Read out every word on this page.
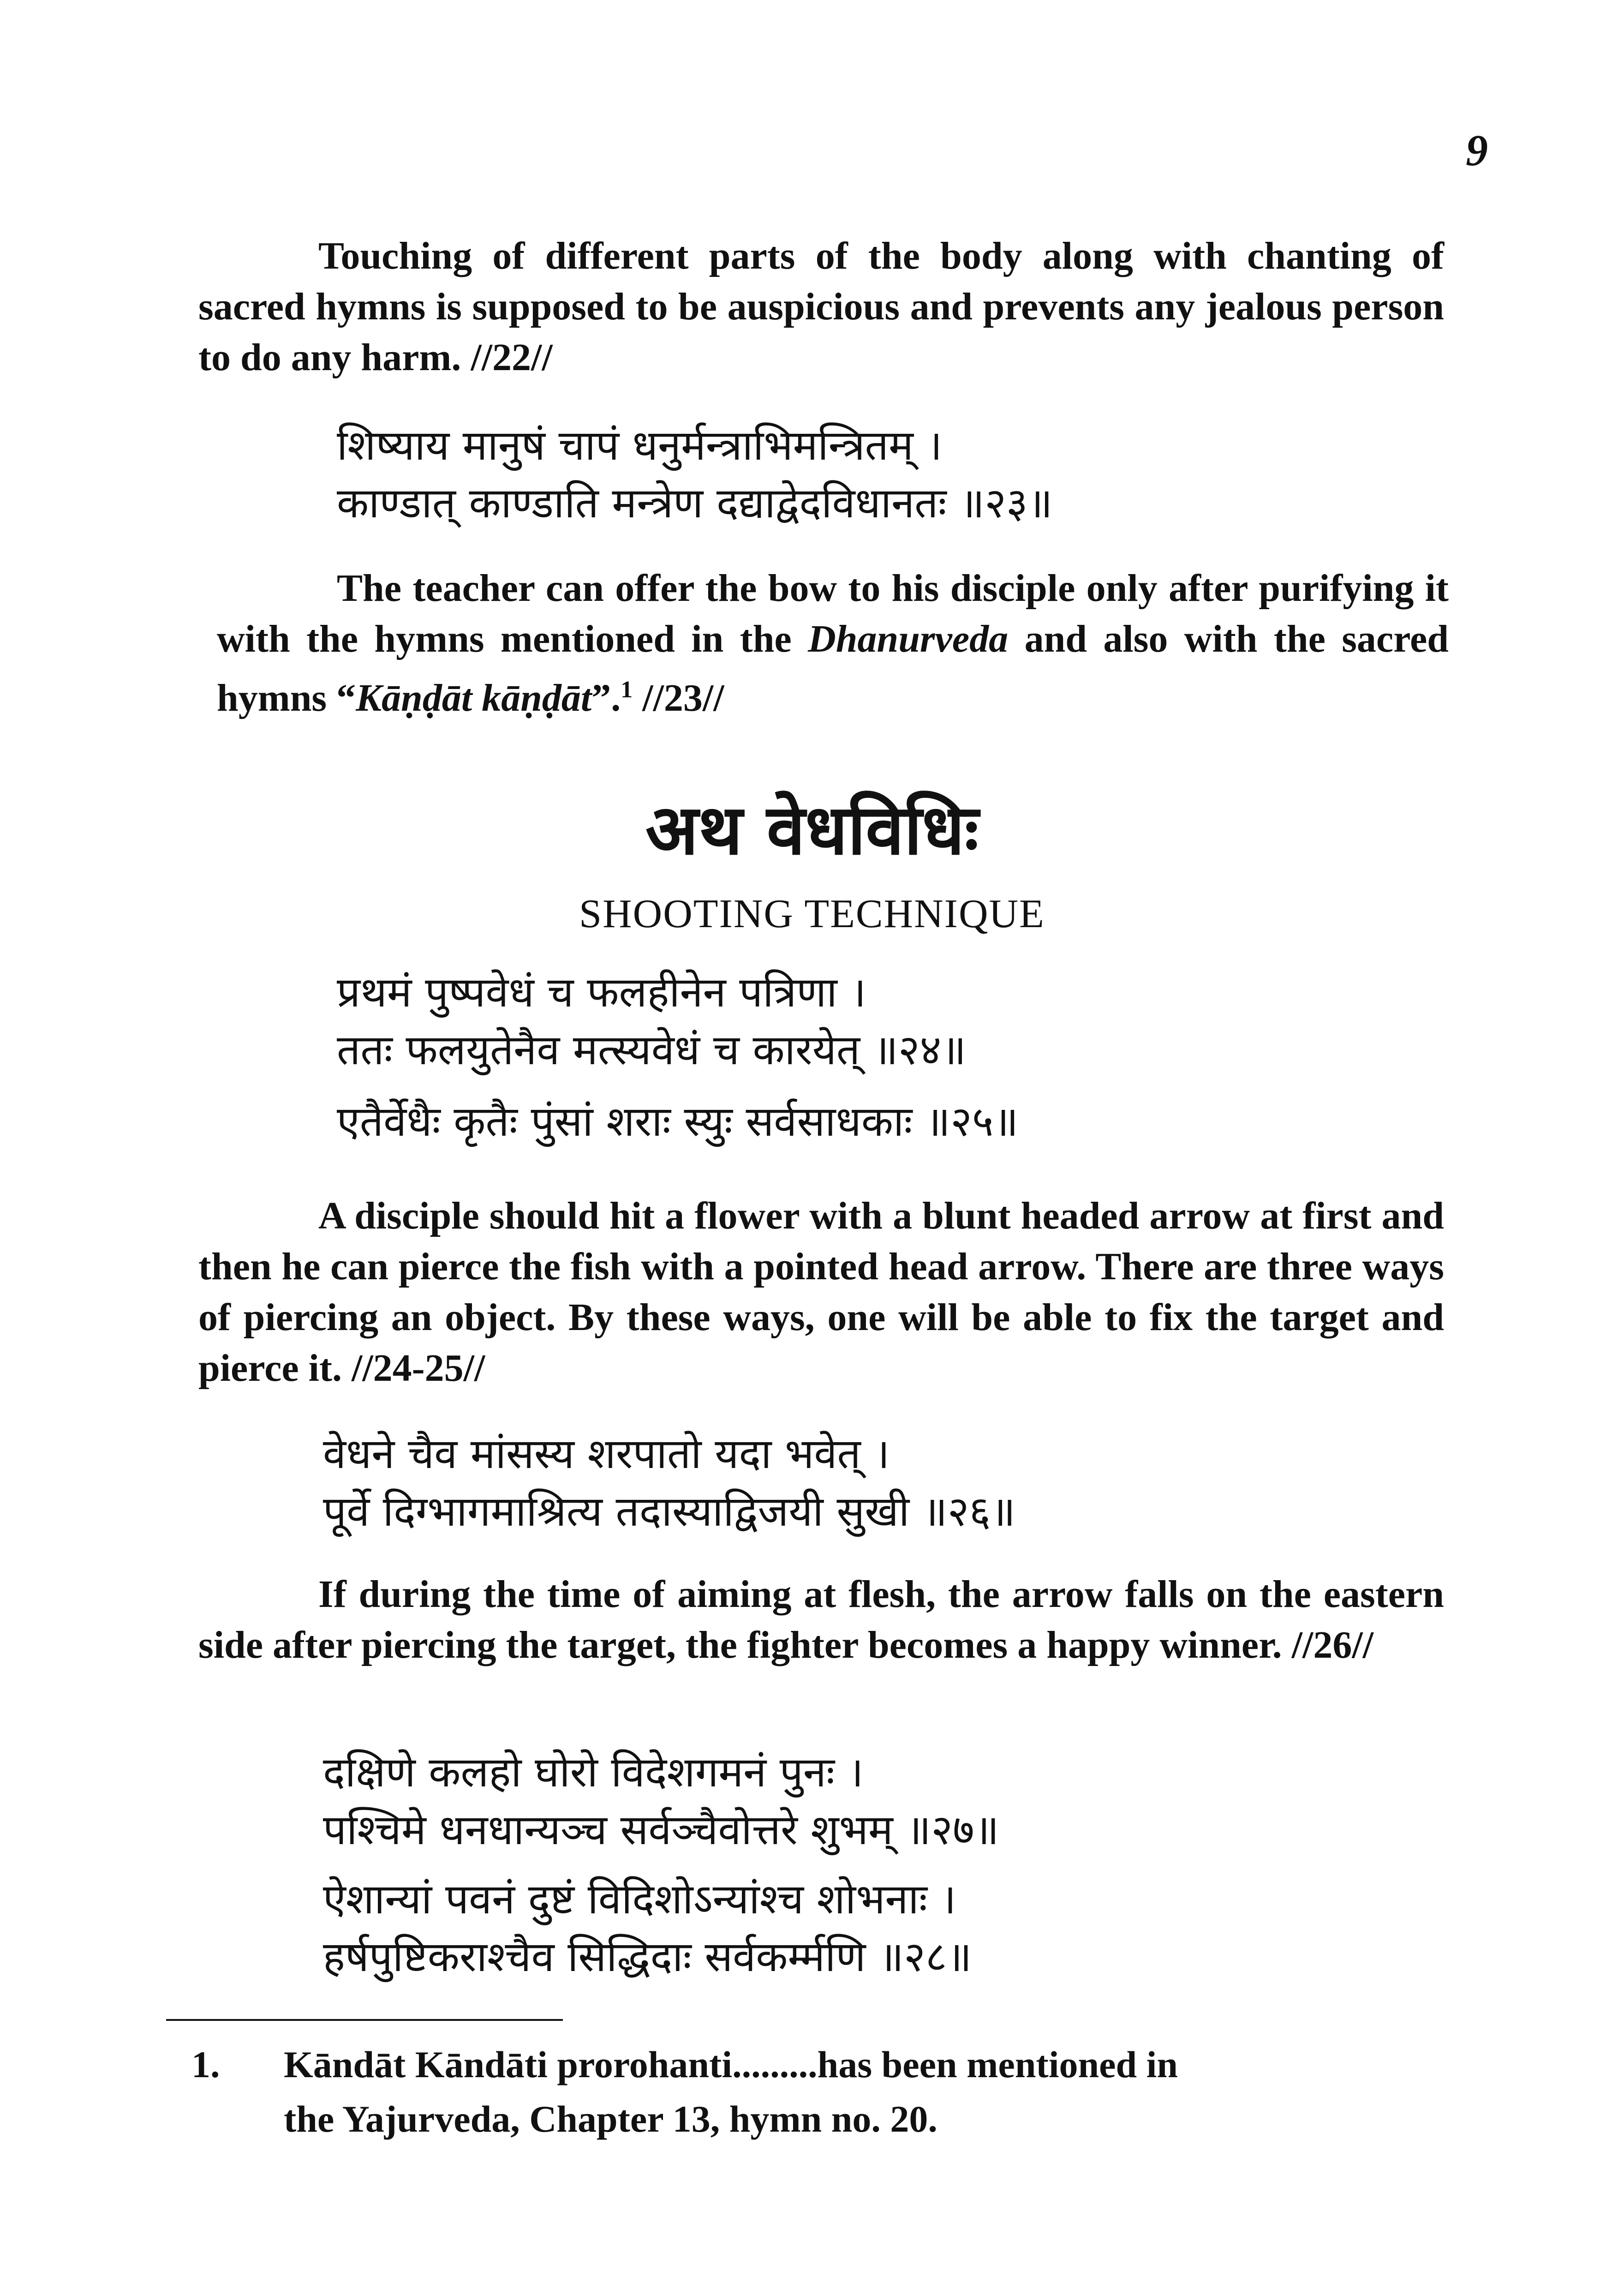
9
Touching of different parts of the body along with chanting of sacred hymns is supposed to be auspicious and prevents any jealous person to do any harm. //22//
शिष्याय मानुषं चापं धनुर्मन्त्राभिमन्त्रितम् ।
काण्डात् काण्डाति मन्त्रेण दद्याद्वेदविधानतः ॥२३॥
The teacher can offer the bow to his disciple only after purifying it with the hymns mentioned in the Dhanurveda and also with the sacred hymns “Kāṇḍāt kāṇḍāt”.$^1$ //23//
अथ वेधविधिः
SHOOTING TECHNIQUE
प्रथमं पुष्पवेधं च फलहीनेन पत्रिणा ।
ततः फलयुतेनैव मत्स्यवेधं च कारयेत् ॥२४॥
एतैर्वेधैः कृतैः पुंसां शराः स्युः सर्वसाधकाः ॥२५॥
A disciple should hit a flower with a blunt headed arrow at first and then he can pierce the fish with a pointed head arrow. There are three ways of piercing an object. By these ways, one will be able to fix the target and pierce it. //24-25//
वेधने चैव मांसस्य शरपातो यदा भवेत् ।
पूर्वे दिग्भागमाश्रित्य तदास्याद्विजयी सुखी ॥२६॥
If during the time of aiming at flesh, the arrow falls on the eastern side after piercing the target, the fighter becomes a happy winner. //26//
दक्षिणे कलहो घोरो विदेशगमनं पुनः ।
पश्चिमे धनधान्यञ्च सर्वञ्चैवोत्तरे शुभम् ॥२७॥
ऐशान्यां पवनं दुष्टं विदिशोऽन्यांश्च शोभनाः ।
हर्षपुष्टिकराश्चैव सिद्धिदाः सर्वकर्म्मणि ॥२८॥
1. Kāndāt Kāndāti prorohanti.........has been mentioned in
the Yajurveda, Chapter 13, hymn no. 20.
